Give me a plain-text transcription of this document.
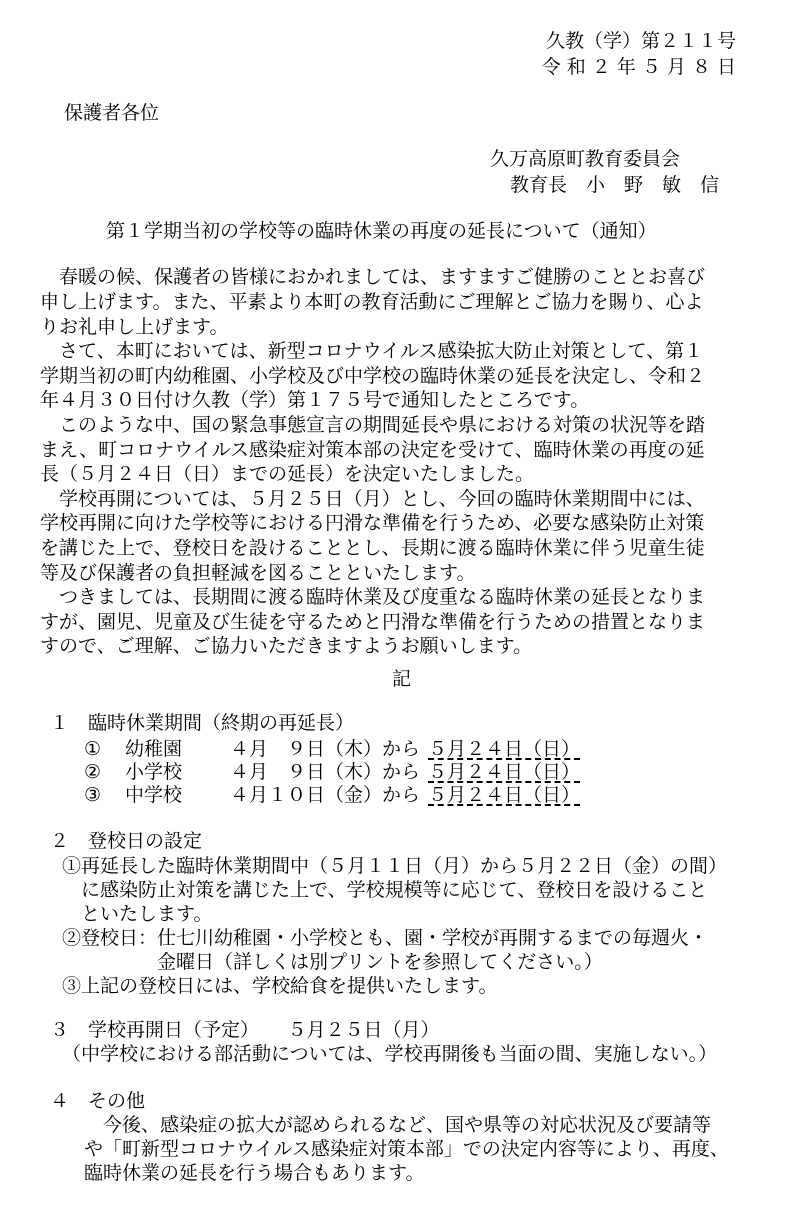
久教（学）第２１１号
令 和 ２ 年 ５ 月 ８ 日
保護者各位
久万高原町教育委員会
教育長　小　野　敏　信
第１学期当初の学校等の臨時休業の再度の延長について（通知）
　春暖の候、保護者の皆様におかれましては、ますますご健勝のこととお喜び
申し上げます。また、平素より本町の教育活動にご理解とご協力を賜り、心よ
りお礼申し上げます。
　さて、本町においては、新型コロナウイルス感染拡大防止対策として、第１
学期当初の町内幼稚園、小学校及び中学校の臨時休業の延長を決定し、令和２
年４月３０日付け久教（学）第１７５号で通知したところです。
　このような中、国の緊急事態宣言の期間延長や県における対策の状況等を踏
まえ、町コロナウイルス感染症対策本部の決定を受けて、臨時休業の再度の延
長（５月２４日（日）までの延長）を決定いたしました。
　学校再開については、５月２５日（月）とし、今回の臨時休業期間中には、
学校再開に向けた学校等における円滑な準備を行うため、必要な感染防止対策
を講じた上で、登校日を設けることとし、長期に渡る臨時休業に伴う児童生徒
等及び保護者の負担軽減を図ることといたします。
　つきましては、長期間に渡る臨時休業及び度重なる臨時休業の延長となりま
すが、園児、児童及び生徒を守るためと円滑な準備を行うための措置となりま
すので、ご理解、ご協力いただきますようお願いします。
記
１　臨時休業期間（終期の再延長）
① 幼稚園	４月　９日（木）から ５月２４日（日）
② 小学校	４月　９日（木）から ５月２４日（日）
③ 中学校	４月１０日（金）から ５月２４日（日）
２　登校日の設定
①再延長した臨時休業期間中（５月１１日（月）から５月２２日（金）の間）
　に感染防止対策を講じた上で、学校規模等に応じて、登校日を設けること
　といたします。
②登校日：仕七川幼稚園・小学校とも、園・学校が再開するまでの毎週火・
　　　　　金曜日（詳しくは別プリントを参照してください。）
③上記の登校日には、学校給食を提供いたします。
３　学校再開日（予定）　　５月２５日（月）
（中学校における部活動については、学校再開後も当面の間、実施しない。）
４　その他
　今後、感染症の拡大が認められるなど、国や県等の対応状況及び要請等
や「町新型コロナウイルス感染症対策本部」での決定内容等により、再度、
臨時休業の延長を行う場合もあります。
